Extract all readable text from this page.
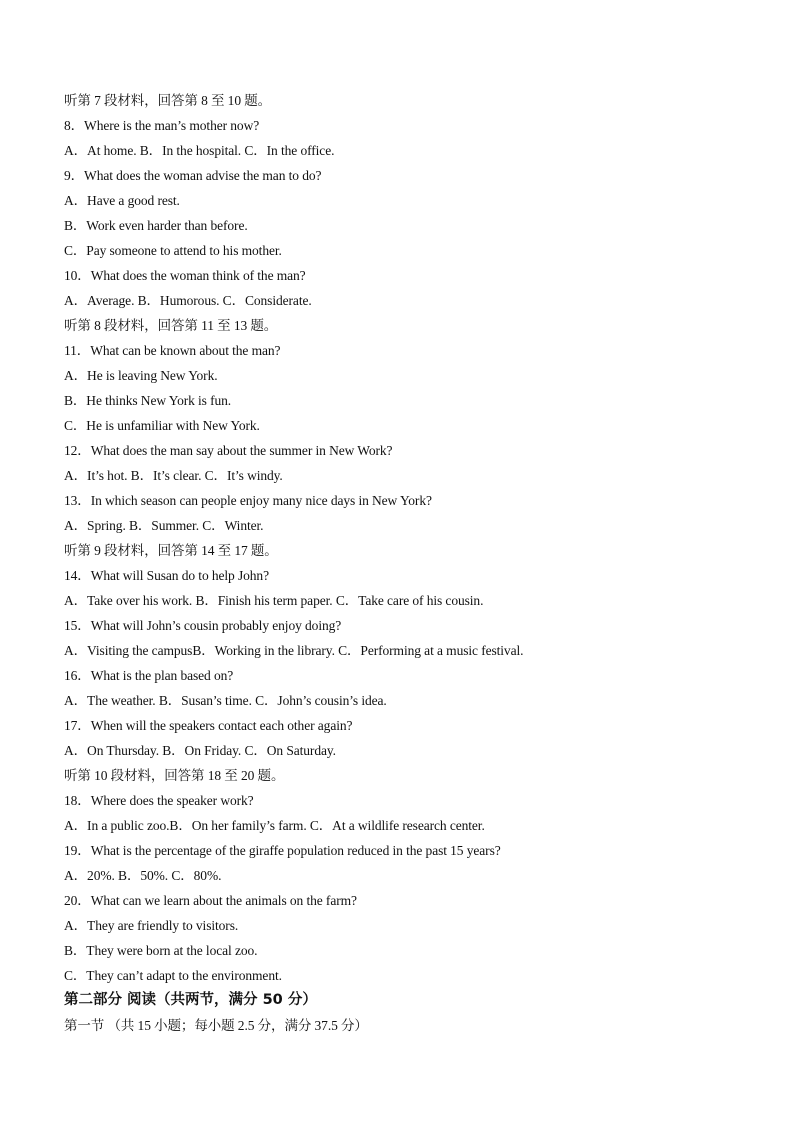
听第 7 段材料，回答第 8 至 10 题。
8．Where is the man’s mother now?
A．At home. B．In the hospital. C．In the office.
9．What does the woman advise the man to do?
A．Have a good rest.
B．Work even harder than before.
C．Pay someone to attend to his mother.
10．What does the woman think of the man?
A．Average. B．Humorous. C．Considerate.
听第 8 段材料，回答第 11 至 13 题。
11．What can be known about the man?
A．He is leaving New York.
B．He thinks New York is fun.
C．He is unfamiliar with New York.
12．What does the man say about the summer in New Work?
A．It’s hot. B．It’s clear. C．It’s windy.
13．In which season can people enjoy many nice days in New York?
A．Spring. B．Summer. C．Winter.
听第 9 段材料，回答第 14 至 17 题。
14．What will Susan do to help John?
A．Take over his work. B．Finish his term paper. C．Take care of his cousin.
15．What will John’s cousin probably enjoy doing?
A．Visiting the campusB．Working in the library. C．Performing at a music festival.
16．What is the plan based on?
A．The weather. B．Susan’s time. C．John’s cousin’s idea.
17．When will the speakers contact each other again?
A．On Thursday. B．On Friday. C．On Saturday.
听第 10 段材料，回答第 18 至 20 题。
18．Where does the speaker work?
A．In a public zoo.B．On her family’s farm. C．At a wildlife research center.
19．What is the percentage of the giraffe population reduced in the past 15 years?
A．20%. B．50%. C．80%.
20．What can we learn about the animals on the farm?
A．They are friendly to visitors.
B．They were born at the local zoo.
C．They can’t adapt to the environment.
第二部分 阅读（共两节，满分 50 分）
第一节 （共 15 小题；每小题 2.5 分，满分 37.5 分）
